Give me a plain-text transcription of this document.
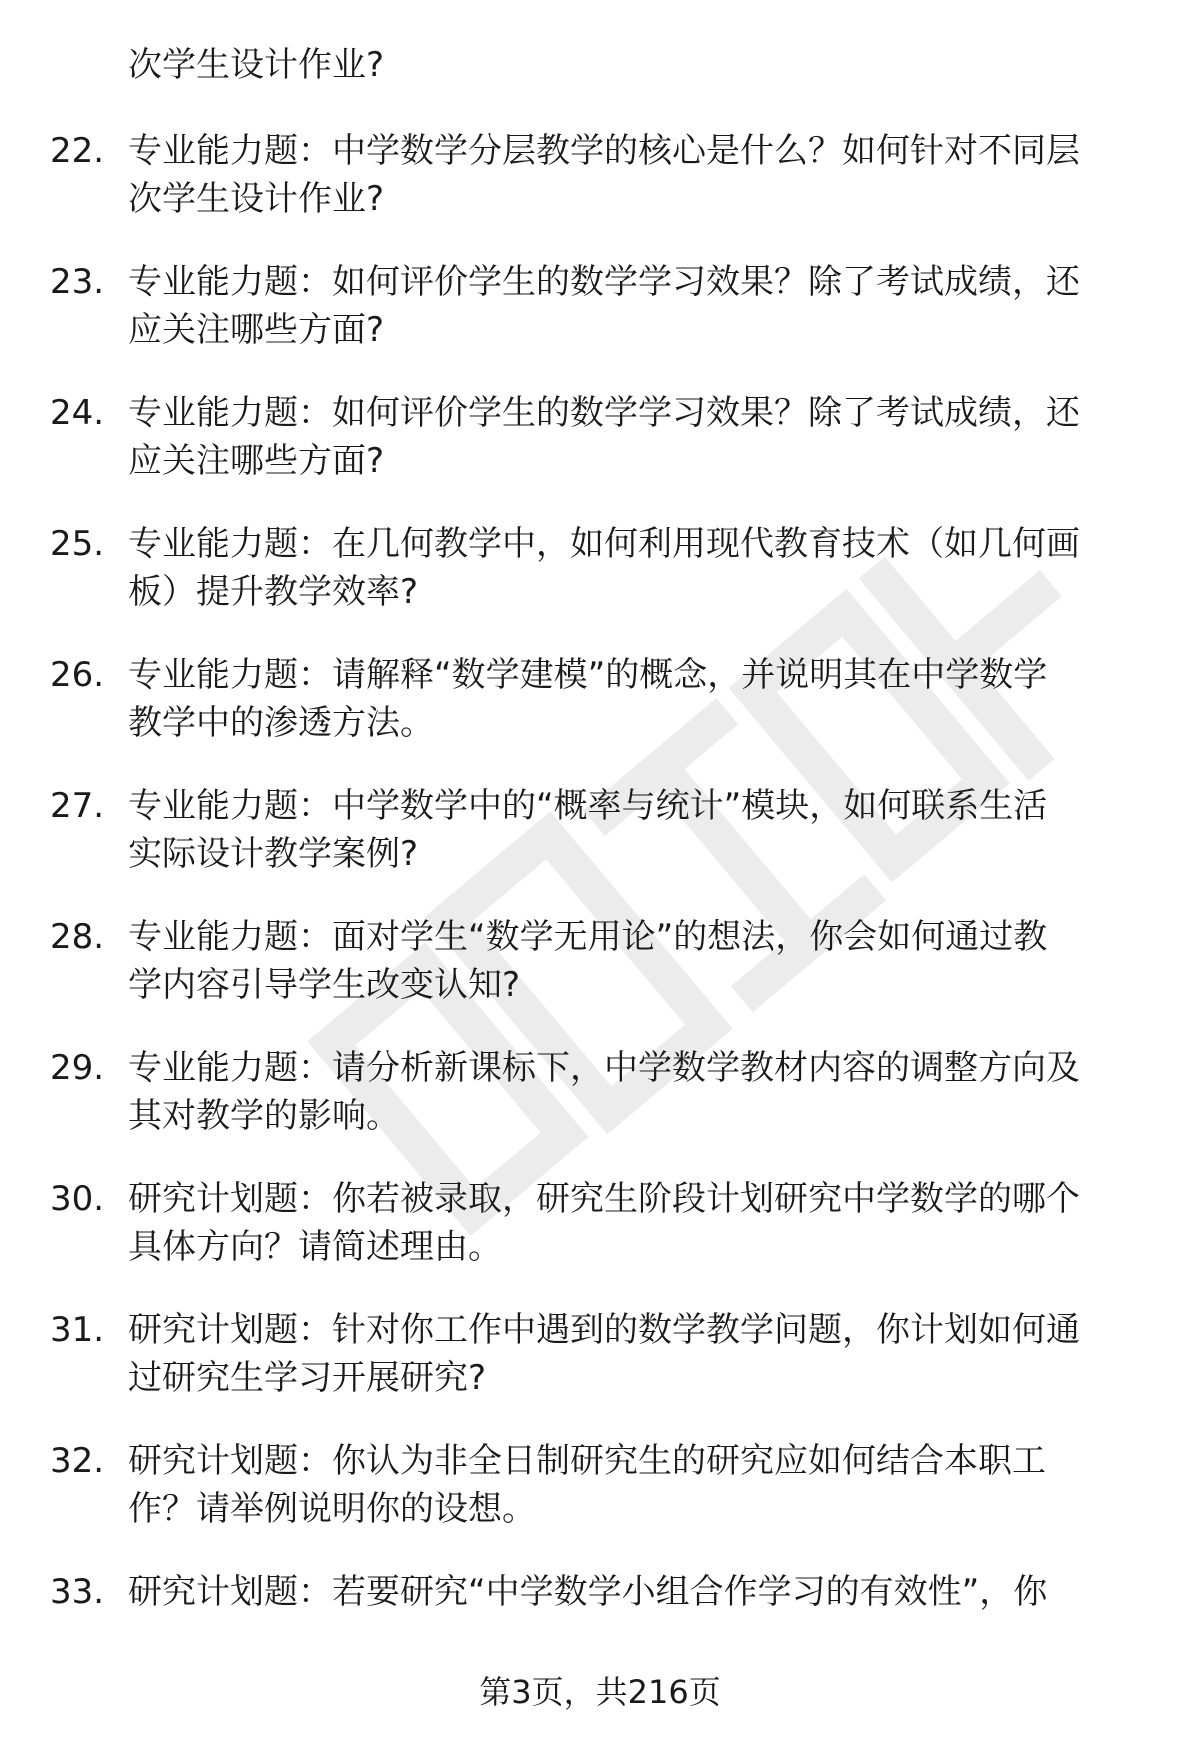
次学生设计作业?
22. 专业能力题：中学数学分层教学的核心是什么？如何针对不同层
次学生设计作业?
23. 专业能力题：如何评价学生的数学学习效果？除了考试成绩，还
应关注哪些方面?
24. 专业能力题：如何评价学生的数学学习效果？除了考试成绩，还
应关注哪些方面?
25. 专业能力题：在几何教学中，如何利用现代教育技术（如几何画
板）提升教学效率?
26. 专业能力题：请解释“数学建模”的概念，并说明其在中学数学
教学中的渗透方法。
27. 专业能力题：中学数学中的“概率与统计”模块，如何联系生活
实际设计教学案例?
28. 专业能力题：面对学生“数学无用论”的想法，你会如何通过教
学内容引导学生改变认知?
29. 专业能力题：请分析新课标下，中学数学教材内容的调整方向及
其对教学的影响。
30. 研究计划题：你若被录取，研究生阶段计划研究中学数学的哪个
具体方向？请简述理由。
31. 研究计划题：针对你工作中遇到的数学教学问题，你计划如何通
过研究生学习开展研究?
32. 研究计划题：你认为非全日制研究生的研究应如何结合本职工
作？请举例说明你的设想。
33. 研究计划题：若要研究“中学数学小组合作学习的有效性”，你
第3页，共216页
